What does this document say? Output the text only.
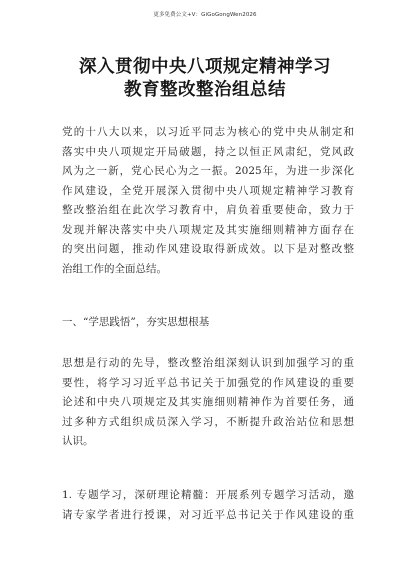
更多免费公文+V：GiGoGongWen2026
深入贯彻中央八项规定精神学习
教育整改整治组总结
党的十八大以来，以习近平同志为核心的党中央从制定和
落实中央八项规定开局破题，持之以恒正风肃纪，党风政
风为之一新，党心民心为之一振。2025年，为进一步深化
作风建设，全党开展深入贯彻中央八项规定精神学习教育
整改整治组在此次学习教育中，肩负着重要使命，致力于
发现并解决落实中央八项规定及其实施细则精神方面存在
的突出问题，推动作风建设取得新成效。以下是对整改整
治组工作的全面总结。
一、“学思践悟”，夯实思想根基
思想是行动的先导，整改整治组深刻认识到加强学习的重
要性，将学习习近平总书记关于加强党的作风建设的重要
论述和中央八项规定及其实施细则精神作为首要任务，通
过多种方式组织成员深入学习，不断提升政治站位和思想
认识。
1. 专题学习，深研理论精髓：开展系列专题学习活动，邀
请专家学者进行授课，对习近平总书记关于作风建设的重
